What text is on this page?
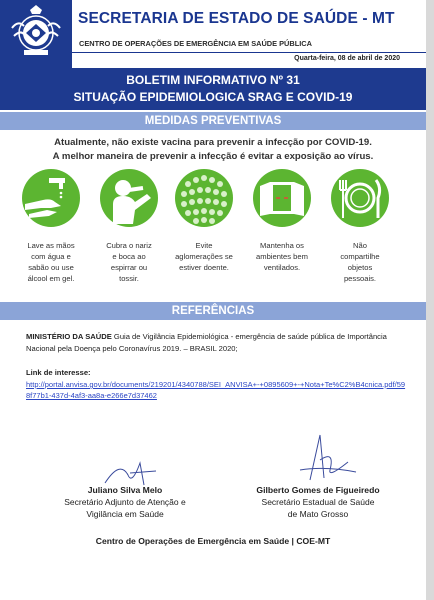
SECRETARIA DE ESTADO DE SAÚDE - MT
CENTRO DE OPERAÇÕES DE EMERGÊNCIA EM SAÚDE PÚBLICA
Quarta-feira, 08 de abril de 2020
BOLETIM INFORMATIVO Nº 31
SITUAÇÃO EPIDEMIOLOGICA SRAG E COVID-19
MEDIDAS PREVENTIVAS
Atualmente, não existe vacina para prevenir a infecção por COVID-19.
A melhor maneira de prevenir a infecção é evitar a exposição ao vírus.
Lave as mãos
com água e
sabão ou use
álcool em gel.
Cubra o nariz
e boca ao
espirrar ou
tossir.
Evite
aglomerações se
estiver doente.
Mantenha os
ambientes bem
ventilados.
Não
compartilhe
objetos
pessoais.
REFERÊNCIAS
MINISTÉRIO DA SAÚDE Guia de Vigilância Epidemiológica - emergência de saúde pública de Importância Nacional pela Doença pelo Coronavírus 2019. – BRASIL 2020;
Link de interesse:
http://portal.anvisa.gov.br/documents/219201/4340788/SEI_ANVISA+-+0895609+-+Nota+Te%C2%B4cnica.pdf/598f77b1-437d-4af3-aa8a-e266e7d37462
Juliano Silva Melo
Secretário Adjunto de Atenção e
Vigilância em Saúde
Gilberto Gomes de Figueiredo
Secretário Estadual de Saúde
de Mato Grosso
Centro de Operações de Emergência em Saúde | COE-MT
